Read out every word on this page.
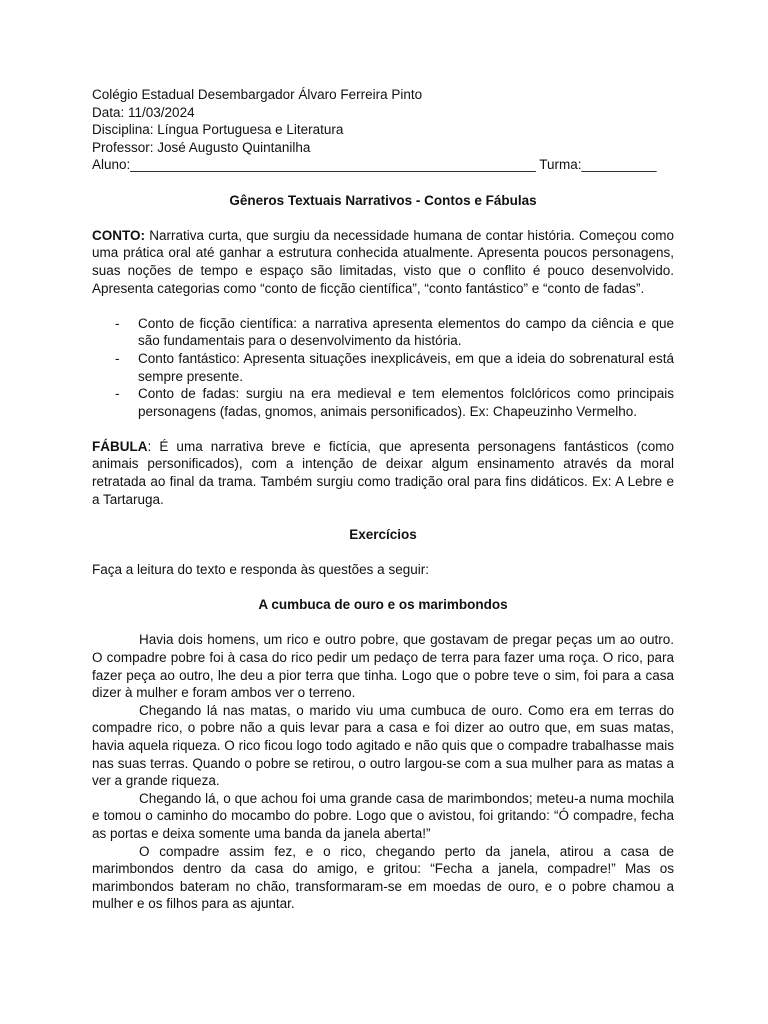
Colégio Estadual Desembargador Álvaro Ferreira Pinto

Data: 11/03/2024

Disciplina: Língua Portuguesa e Literatura

Professor: José Augusto Quintanilha

Aluno:______________________________________________________ Turma:__________

Gêneros Textuais Narrativos - Contos e Fábulas

CONTO: Narrativa curta, que surgiu da necessidade humana de contar história. Começou como uma prática oral até ganhar a estrutura conhecida atualmente. Apresenta poucos personagens, suas noções de tempo e espaço são limitadas, visto que o conflito é pouco desenvolvido. Apresenta categorias como “conto de ficção científica”, “conto fantástico” e “conto de fadas”.

- Conto de ficção científica: a narrativa apresenta elementos do campo da ciência e que são fundamentais para o desenvolvimento da história.
- Conto fantástico: Apresenta situações inexplicáveis, em que a ideia do sobrenatural está sempre presente.
- Conto de fadas: surgiu na era medieval e tem elementos folclóricos como principais personagens (fadas, gnomos, animais personificados). Ex: Chapeuzinho Vermelho.

FÁBULA: É uma narrativa breve e fictícia, que apresenta personagens fantásticos (como animais personificados), com a intenção de deixar algum ensinamento através da moral retratada ao final da trama. Também surgiu como tradição oral para fins didáticos. Ex: A Lebre e a Tartaruga.

Exercícios

Faça a leitura do texto e responda às questões a seguir:

A cumbuca de ouro e os marimbondos

Havia dois homens, um rico e outro pobre, que gostavam de pregar peças um ao outro. O compadre pobre foi à casa do rico pedir um pedaço de terra para fazer uma roça. O rico, para fazer peça ao outro, lhe deu a pior terra que tinha. Logo que o pobre teve o sim, foi para a casa dizer à mulher e foram ambos ver o terreno.

Chegando lá nas matas, o marido viu uma cumbuca de ouro. Como era em terras do compadre rico, o pobre não a quis levar para a casa e foi dizer ao outro que, em suas matas, havia aquela riqueza. O rico ficou logo todo agitado e não quis que o compadre trabalhasse mais nas suas terras. Quando o pobre se retirou, o outro largou-se com a sua mulher para as matas a ver a grande riqueza.

Chegando lá, o que achou foi uma grande casa de marimbondos; meteu-a numa mochila e tomou o caminho do mocambo do pobre. Logo que o avistou, foi gritando: “Ó compadre, fecha as portas e deixa somente uma banda da janela aberta!”

O compadre assim fez, e o rico, chegando perto da janela, atirou a casa de marimbondos dentro da casa do amigo, e gritou: “Fecha a janela, compadre!” Mas os marimbondos bateram no chão, transformaram-se em moedas de ouro, e o pobre chamou a mulher e os filhos para as ajuntar.
